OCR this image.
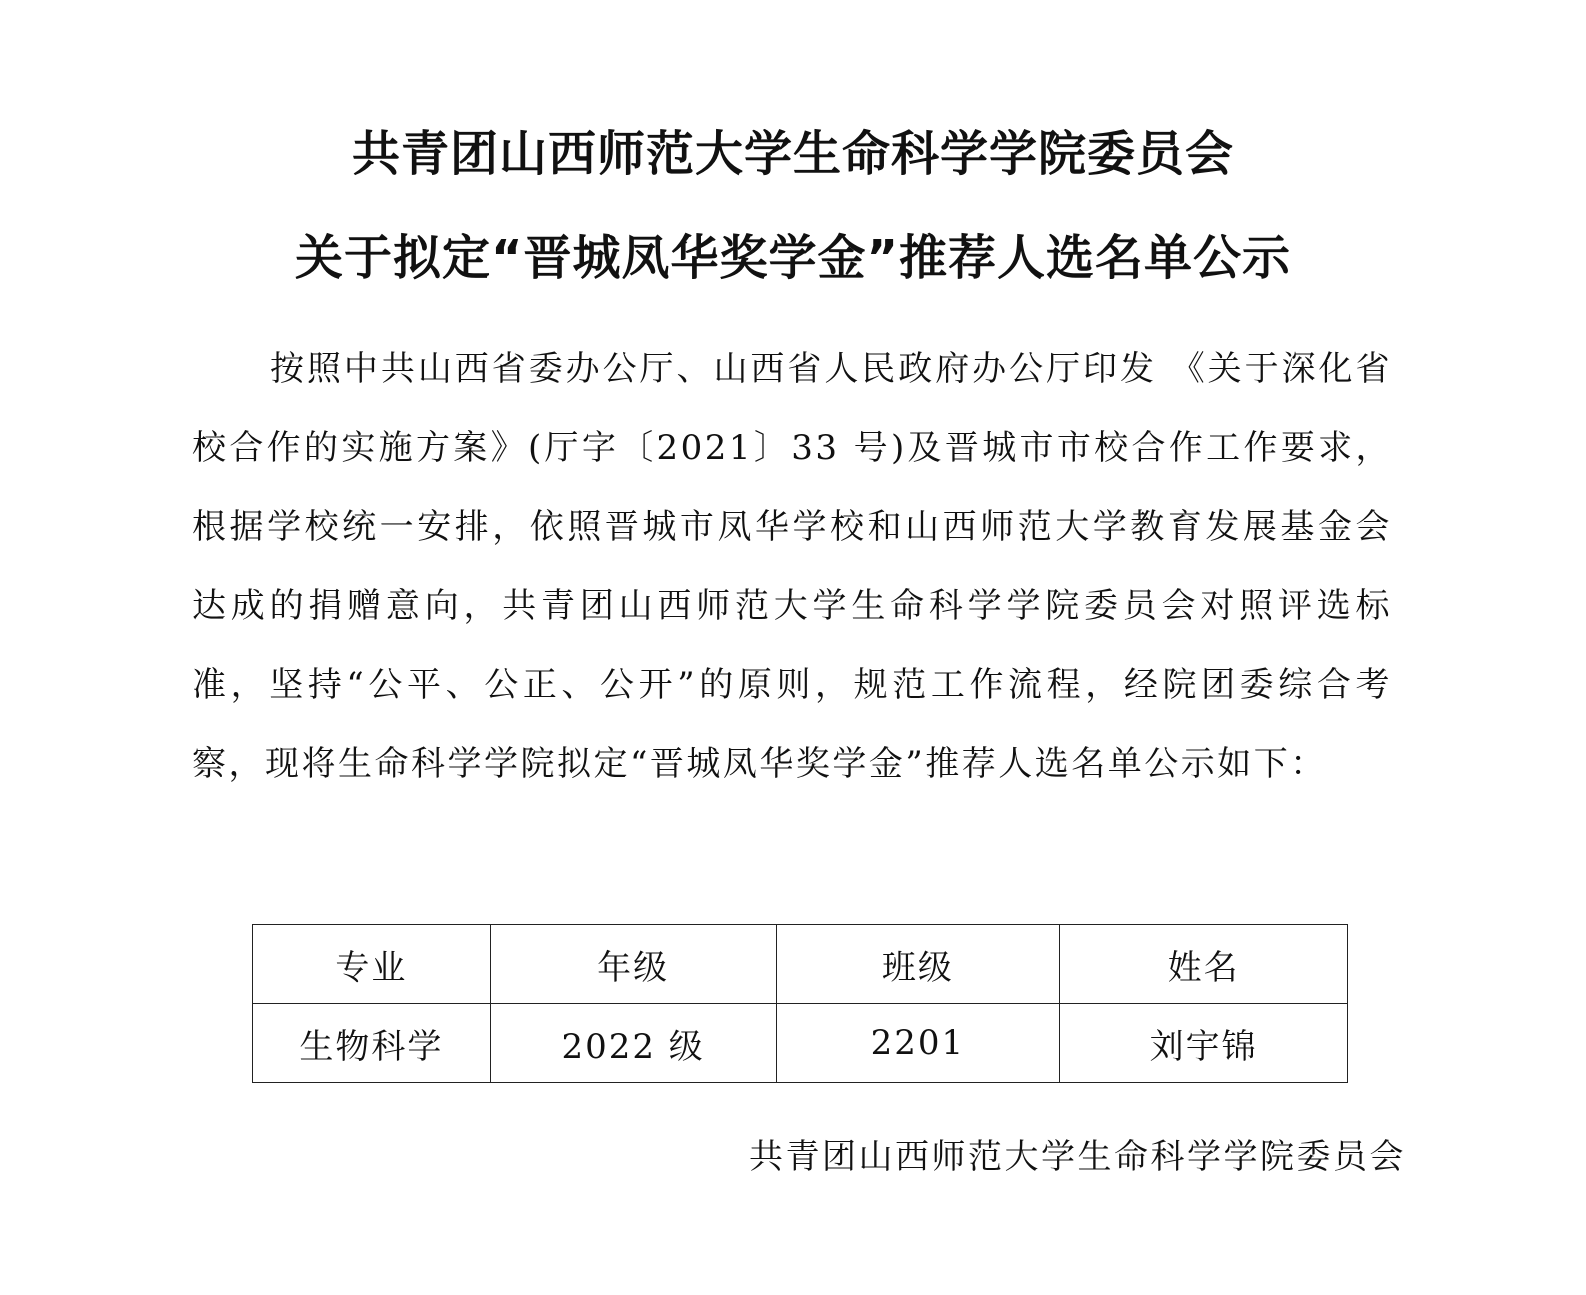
共青团山西师范大学生命科学学院委员会
关于拟定“晋城凤华奖学金”推荐人选名单公示
按照中共山西省委办公厅、山西省人民政府办公厅印发 《关于深化省校合作的实施方案》(厅字〔2021〕33 号)及晋城市市校合作工作要求，根据学校统一安排，依照晋城市凤华学校和山西师范大学教育发展基金会达成的捐赠意向，共青团山西师范大学生命科学学院委员会对照评选标准，坚持“公平、公正、公开”的原则，规范工作流程，经院团委综合考察，现将生命科学学院拟定“晋城凤华奖学金”推荐人选名单公示如下：
专业	年级	班级	姓名
生物科学	2022 级	2201	刘宇锦
共青团山西师范大学生命科学学院委员会
